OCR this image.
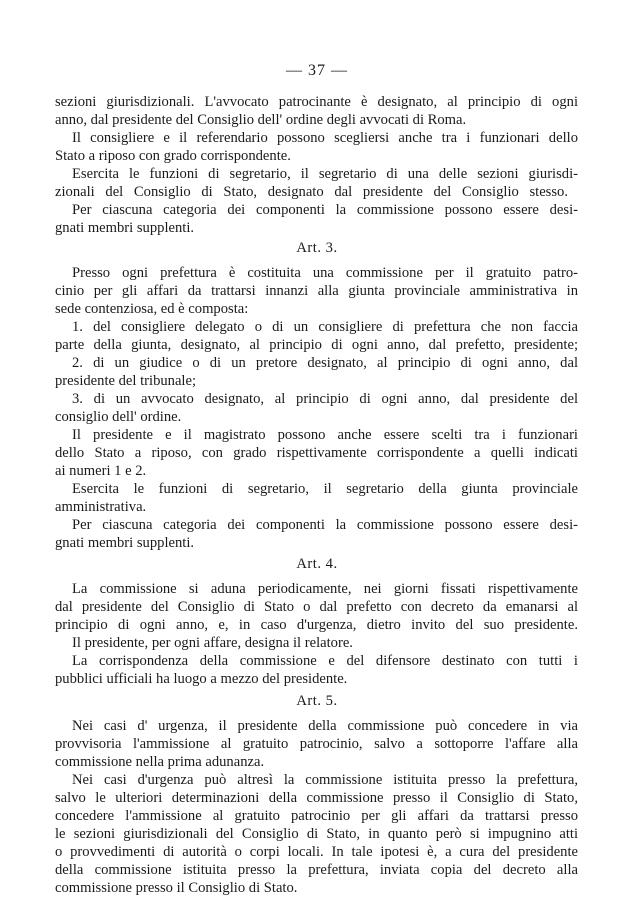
— 37 —
sezioni giurisdizionali. L'avvocato patrocinante è designato, al principio di ogni
anno, dal presidente del Consiglio dell' ordine degli avvocati di Roma.
Il consigliere e il referendario possono scegliersi anche tra i funzionari dello
Stato a riposo con grado corrispondente.
Esercita le funzioni di segretario, il segretario di una delle sezioni giurisdi-
zionali del Consiglio di Stato, designato dal presidente del Consiglio stesso.
Per ciascuna categoria dei componenti la commissione possono essere desi-
gnati membri supplenti.
Art. 3.
Presso ogni prefettura è costituita una commissione per il gratuito patro-
cinio per gli affari da trattarsi innanzi alla giunta provinciale amministrativa in
sede contenziosa, ed è composta:
1. del consigliere delegato o di un consigliere di prefettura che non faccia
parte della giunta, designato, al principio di ogni anno, dal prefetto, presidente;
2. di un giudice o di un pretore designato, al principio di ogni anno, dal
presidente del tribunale;
3. di un avvocato designato, al principio di ogni anno, dal presidente del
consiglio dell' ordine.
Il presidente e il magistrato possono anche essere scelti tra i funzionari
dello Stato a riposo, con grado rispettivamente corrispondente a quelli indicati
ai numeri 1 e 2.
Esercita le funzioni di segretario, il segretario della giunta provinciale
amministrativa.
Per ciascuna categoria dei componenti la commissione possono essere desi-
gnati membri supplenti.
Art. 4.
La commissione si aduna periodicamente, nei giorni fissati rispettivamente
dal presidente del Consiglio di Stato o dal prefetto con decreto da emanarsi al
principio di ogni anno, e, in caso d'urgenza, dietro invito del suo presidente.
Il presidente, per ogni affare, designa il relatore.
La corrispondenza della commissione e del difensore destinato con tutti i
pubblici ufficiali ha luogo a mezzo del presidente.
Art. 5.
Nei casi d' urgenza, il presidente della commissione può concedere in via
provvisoria l'ammissione al gratuito patrocinio, salvo a sottoporre l'affare alla
commissione nella prima adunanza.
Nei casi d'urgenza può altresì la commissione istituita presso la prefettura,
salvo le ulteriori determinazioni della commissione presso il Consiglio di Stato,
concedere l'ammissione al gratuito patrocinio per gli affari da trattarsi presso
le sezioni giurisdizionali del Consiglio di Stato, in quanto però si impugnino atti
o provvedimenti di autorità o corpi locali. In tale ipotesi è, a cura del presidente
della commissione istituita presso la prefettura, inviata copia del decreto alla
commissione presso il Consiglio di Stato.
